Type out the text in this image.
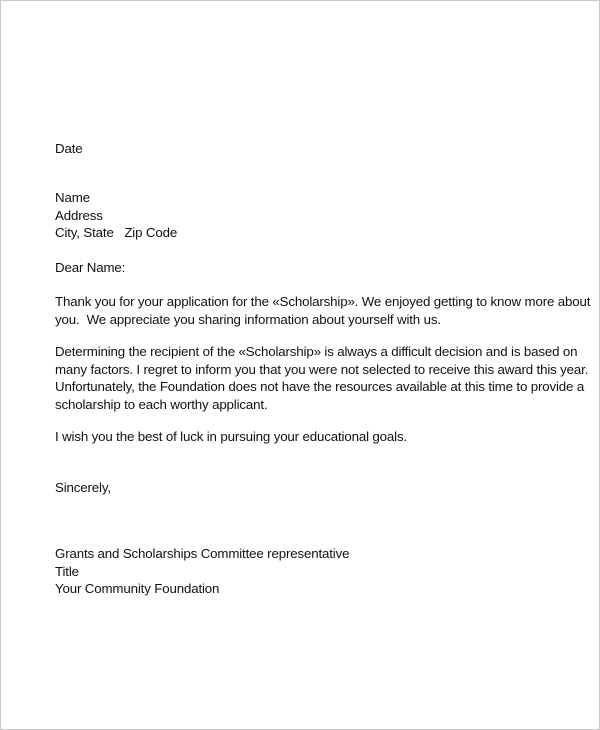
Date
Name
Address
City, State   Zip Code
Dear Name:
Thank you for your application for the «Scholarship». We enjoyed getting to know more about
you.  We appreciate you sharing information about yourself with us.
Determining the recipient of the «Scholarship» is always a difficult decision and is based on
many factors. I regret to inform you that you were not selected to receive this award this year.
Unfortunately, the Foundation does not have the resources available at this time to provide a
scholarship to each worthy applicant.
I wish you the best of luck in pursuing your educational goals.
Sincerely,
Grants and Scholarships Committee representative
Title
Your Community Foundation
